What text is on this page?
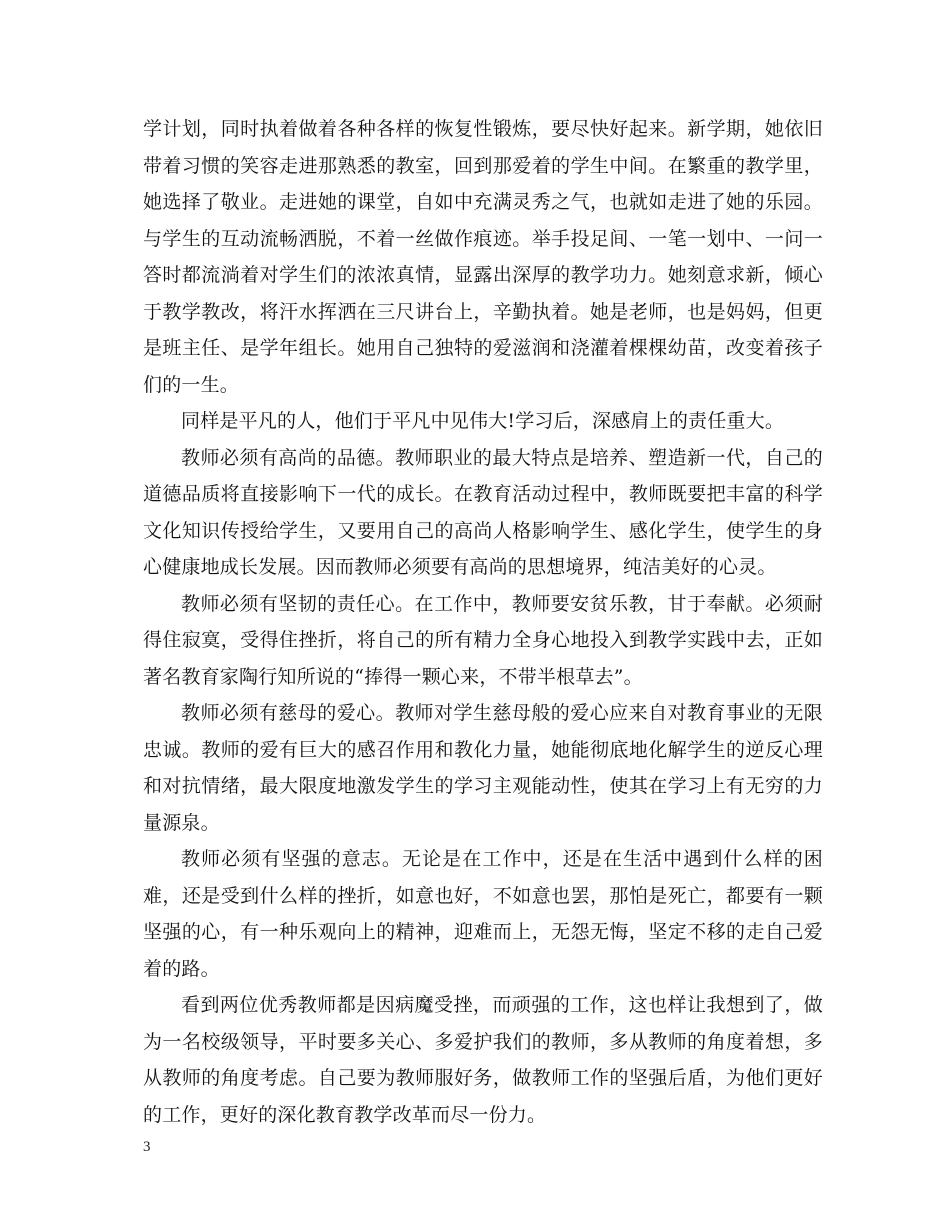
学计划，同时执着做着各种各样的恢复性锻炼，要尽快好起来。新学期，她依旧带着习惯的笑容走进那熟悉的教室，回到那爱着的学生中间。在繁重的教学里，她选择了敬业。走进她的课堂，自如中充满灵秀之气，也就如走进了她的乐园。与学生的互动流畅洒脱，不着一丝做作痕迹。举手投足间、一笔一划中、一问一答时都流淌着对学生们的浓浓真情，显露出深厚的教学功力。她刻意求新，倾心于教学教改，将汗水挥洒在三尺讲台上，辛勤执着。她是老师，也是妈妈，但更是班主任、是学年组长。她用自己独特的爱滋润和浇灌着棵棵幼苗，改变着孩子们的一生。

同样是平凡的人，他们于平凡中见伟大!学习后，深感肩上的责任重大。

教师必须有高尚的品德。教师职业的最大特点是培养、塑造新一代，自己的道德品质将直接影响下一代的成长。在教育活动过程中，教师既要把丰富的科学文化知识传授给学生，又要用自己的高尚人格影响学生、感化学生，使学生的身心健康地成长发展。因而教师必须要有高尚的思想境界，纯洁美好的心灵。

教师必须有坚韧的责任心。在工作中，教师要安贫乐教，甘于奉献。必须耐得住寂寞，受得住挫折，将自己的所有精力全身心地投入到教学实践中去，正如著名教育家陶行知所说的“捧得一颗心来，不带半根草去”。

教师必须有慈母的爱心。教师对学生慈母般的爱心应来自对教育事业的无限忠诚。教师的爱有巨大的感召作用和教化力量，她能彻底地化解学生的逆反心理和对抗情绪，最大限度地激发学生的学习主观能动性，使其在学习上有无穷的力量源泉。

教师必须有坚强的意志。无论是在工作中，还是在生活中遇到什么样的困难，还是受到什么样的挫折，如意也好，不如意也罢，那怕是死亡，都要有一颗坚强的心，有一种乐观向上的精神，迎难而上，无怨无悔，坚定不移的走自己爱着的路。

看到两位优秀教师都是因病魔受挫，而顽强的工作，这也样让我想到了，做为一名校级领导，平时要多关心、多爱护我们的教师，多从教师的角度着想，多从教师的角度考虑。自己要为教师服好务，做教师工作的坚强后盾，为他们更好的工作，更好的深化教育教学改革而尽一份力。

3
